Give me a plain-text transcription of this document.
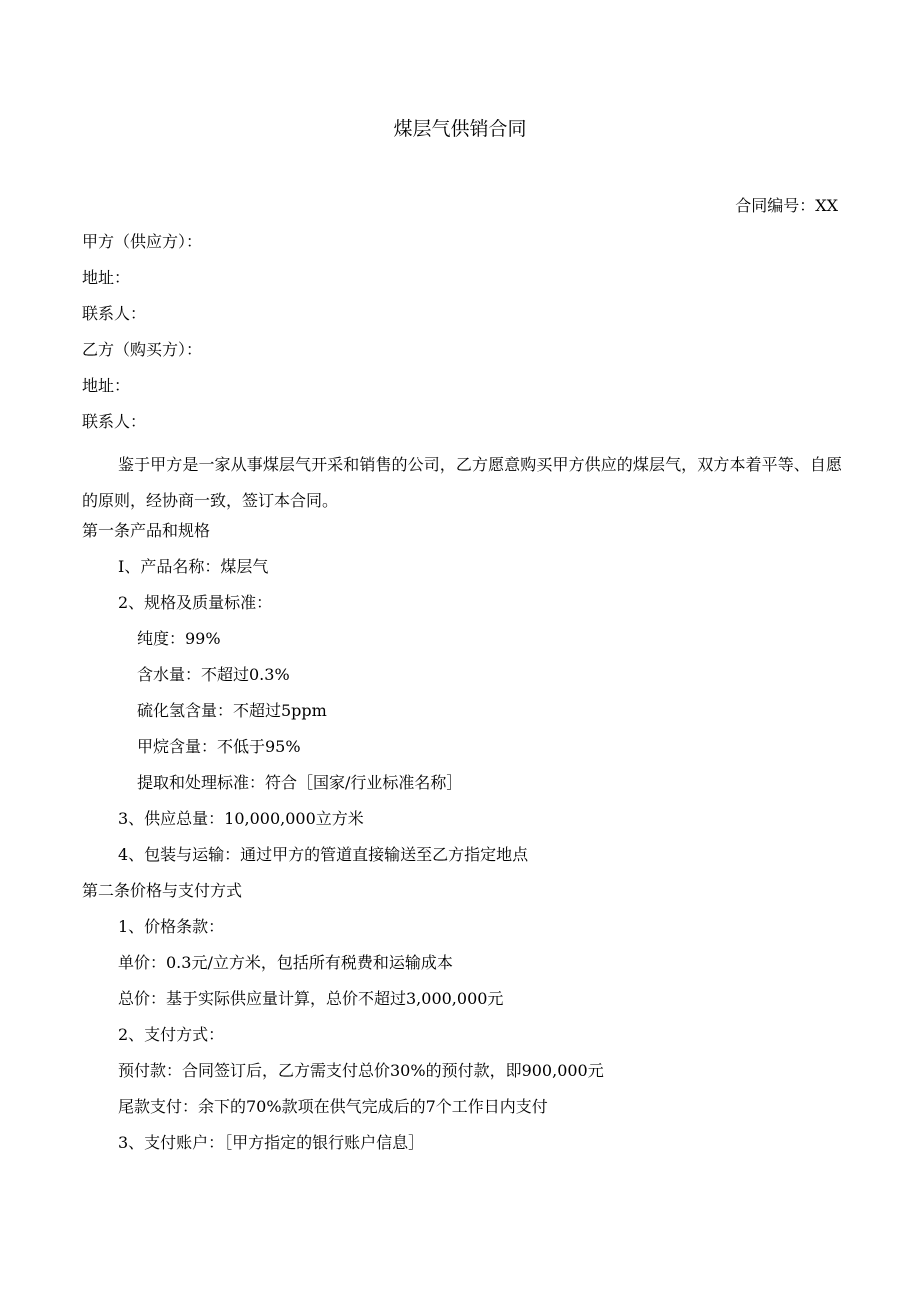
煤层气供销合同
合同编号：XX
甲方（供应方）：
地址：
联系人：
乙方（购买方）：
地址：
联系人：
鉴于甲方是一家从事煤层气开采和销售的公司，乙方愿意购买甲方供应的煤层气，双方本着平等、自愿的原则，经协商一致，签订本合同。
第一条产品和规格
I、产品名称：煤层气
2、规格及质量标准：
纯度：99%
含水量：不超过0.3%
硫化氢含量：不超过5ppm
甲烷含量：不低于95%
提取和处理标准：符合［国家/行业标准名称］
3、供应总量：10,000,000立方米
4、包装与运输：通过甲方的管道直接输送至乙方指定地点
第二条价格与支付方式
1、价格条款：
单价：0.3元/立方米，包括所有税费和运输成本
总价：基于实际供应量计算，总价不超过3,000,000元
2、支付方式：
预付款：合同签订后，乙方需支付总价30%的预付款，即900,000元
尾款支付：余下的70%款项在供气完成后的7个工作日内支付
3、支付账户：［甲方指定的银行账户信息］
